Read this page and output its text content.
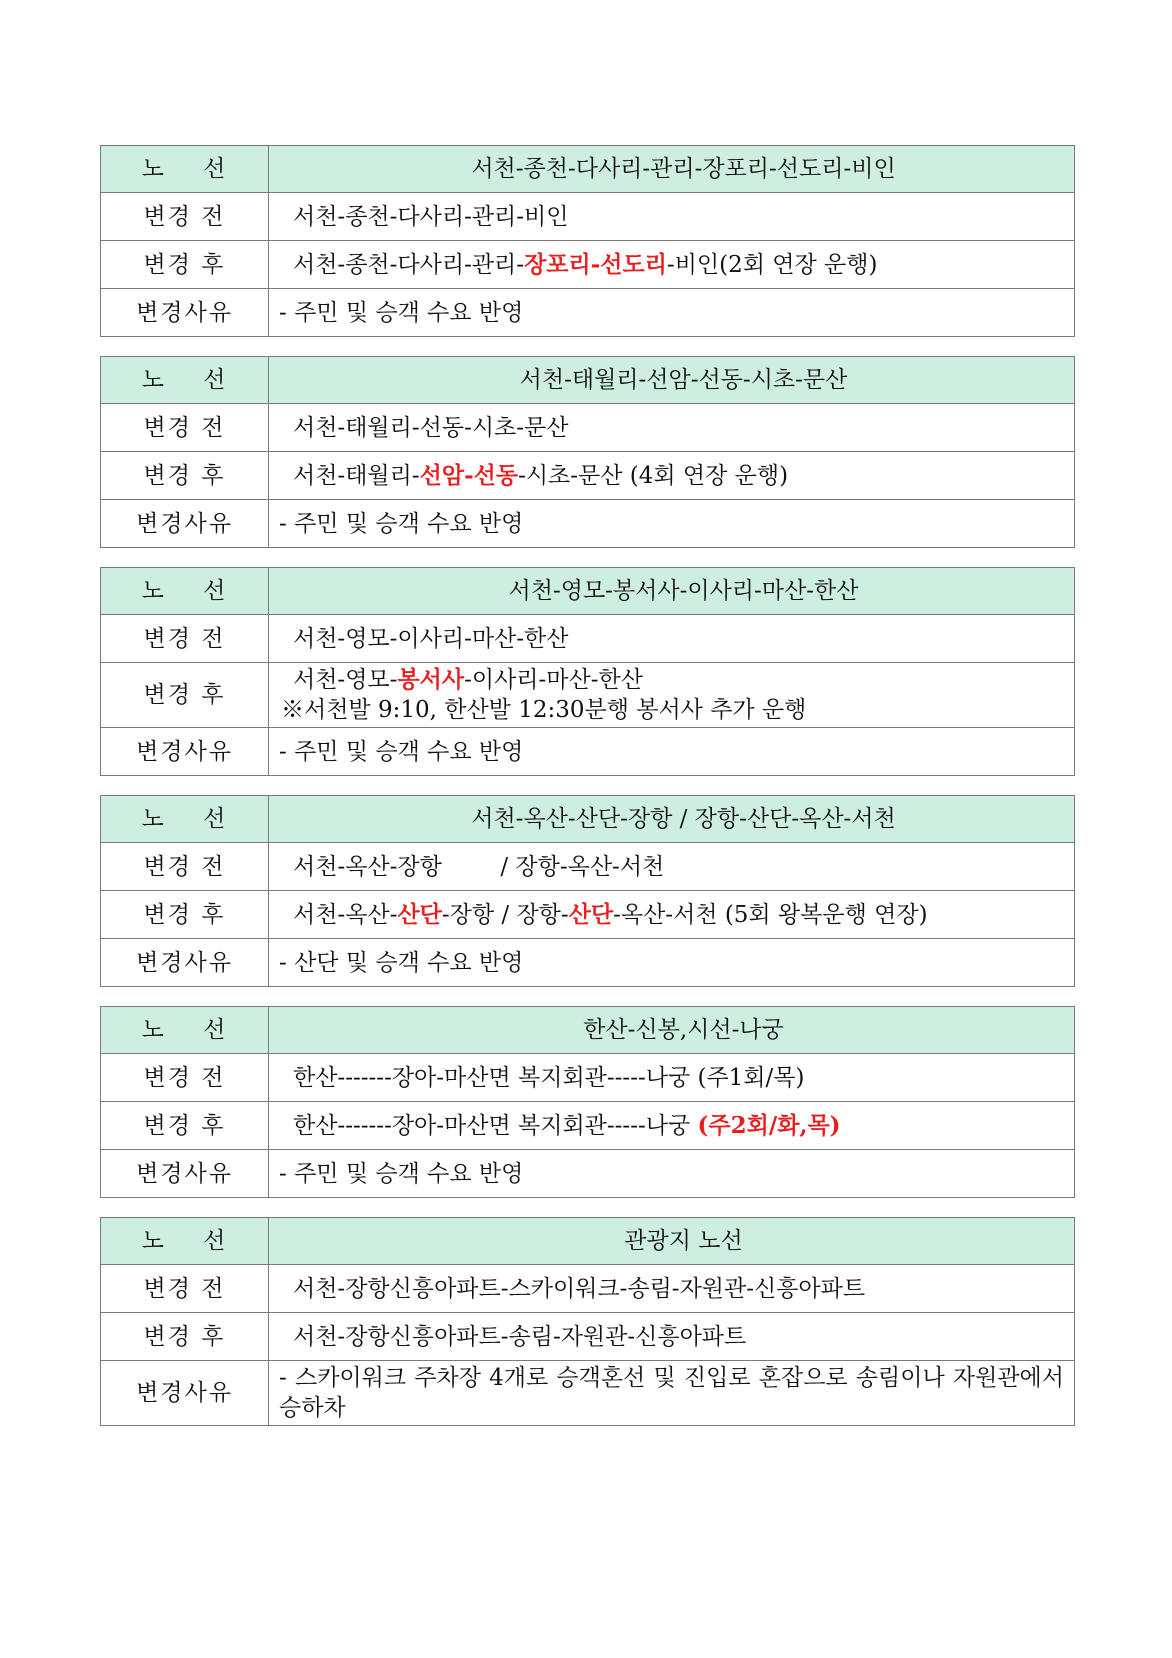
노    선	서천-종천-다사리-관리-장포리-선도리-비인
변경 전	서천-종천-다사리-관리-비인
변경 후	서천-종천-다사리-관리-장포리-선도리-비인(2회 연장 운행)
변경사유	- 주민 및 승객 수요 반영
노    선	서천-태월리-선암-선동-시초-문산
변경 전	서천-태월리-선동-시초-문산
변경 후	서천-태월리-선암-선동-시초-문산 (4회 연장 운행)
변경사유	- 주민 및 승객 수요 반영
노    선	서천-영모-봉서사-이사리-마산-한산
변경 전	서천-영모-이사리-마산-한산
변경 후	서천-영모-봉서사-이사리-마산-한산
※서천발 9:10, 한산발 12:30분행 봉서사 추가 운행

변경사유	- 주민 및 승객 수요 반영
노    선	서천-옥산-산단-장항 / 장항-산단-옥산-서천
변경 전	서천-옥산-장항        / 장항-옥산-서천
변경 후	서천-옥산-산단-장항 / 장항-산단-옥산-서천 (5회 왕복운행 연장)
변경사유	- 산단 및 승객 수요 반영
노    선	한산-신봉,시선-나궁
변경 전	한산-------장아-마산면 복지회관-----나궁 (주1회/목)
변경 후	한산-------장아-마산면 복지회관-----나궁 (주2회/화,목)
변경사유	- 주민 및 승객 수요 반영
노    선	관광지 노선
변경 전	서천-장항신흥아파트-스카이워크-송림-자원관-신흥아파트
변경 후	서천-장항신흥아파트-송림-자원관-신흥아파트
변경사유	- 스카이워크 주차장 4개로 승객혼선 및 진입로 혼잡으로 송림이나 자원관에서 승하차
